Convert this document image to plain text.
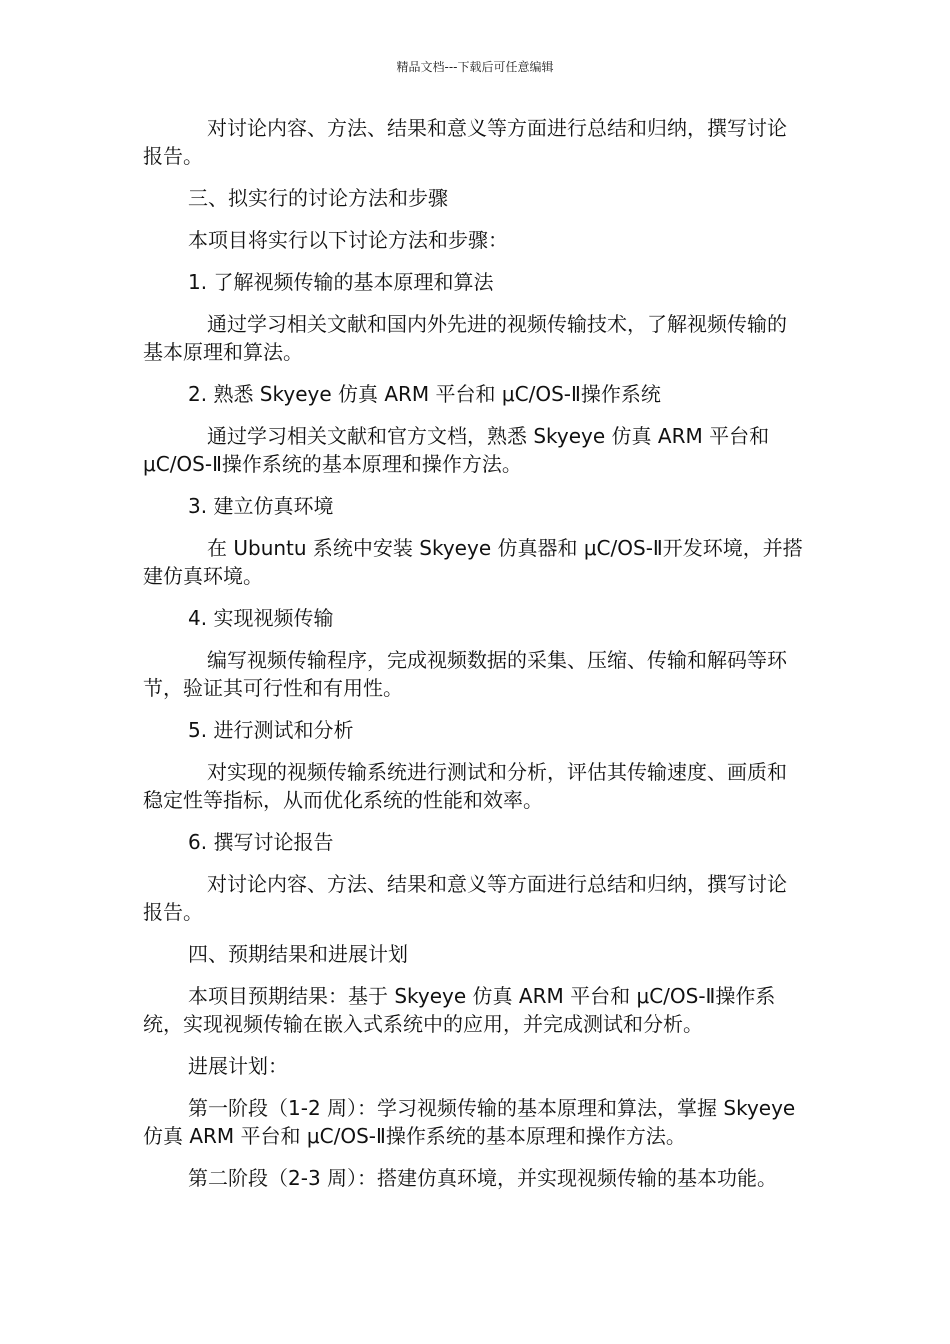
精品文档---下载后可任意编辑

对讨论内容、方法、结果和意义等方面进行总结和归纳，撰写讨论报告。

三、拟实行的讨论方法和步骤

本项目将实行以下讨论方法和步骤：

1. 了解视频传输的基本原理和算法

通过学习相关文献和国内外先进的视频传输技术，了解视频传输的基本原理和算法。

2. 熟悉 Skyeye 仿真 ARM 平台和 μC/OS-Ⅱ操作系统

通过学习相关文献和官方文档，熟悉 Skyeye 仿真 ARM 平台和 μC/OS-Ⅱ操作系统的基本原理和操作方法。

3. 建立仿真环境

在 Ubuntu 系统中安装 Skyeye 仿真器和 μC/OS-Ⅱ开发环境，并搭建仿真环境。

4. 实现视频传输

编写视频传输程序，完成视频数据的采集、压缩、传输和解码等环节，验证其可行性和有用性。

5. 进行测试和分析

对实现的视频传输系统进行测试和分析，评估其传输速度、画质和稳定性等指标，从而优化系统的性能和效率。

6. 撰写讨论报告

对讨论内容、方法、结果和意义等方面进行总结和归纳，撰写讨论报告。

四、预期结果和进展计划

本项目预期结果：基于 Skyeye 仿真 ARM 平台和 μC/OS-Ⅱ操作系统，实现视频传输在嵌入式系统中的应用，并完成测试和分析。

进展计划：

第一阶段（1-2 周）：学习视频传输的基本原理和算法，掌握 Skyeye 仿真 ARM 平台和 μC/OS-Ⅱ操作系统的基本原理和操作方法。

第二阶段（2-3 周）：搭建仿真环境，并实现视频传输的基本功能。
